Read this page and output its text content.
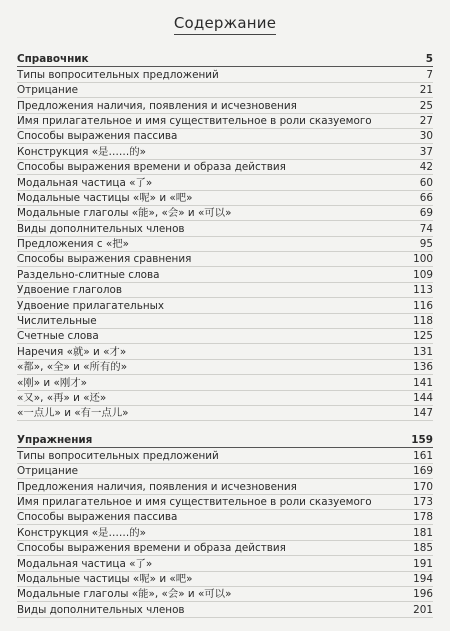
Содержание
Справочник	5
Типы вопросительных предложений	7
Отрицание	21
Предложения наличия, появления и исчезновения	25
Имя прилагательное и имя существительное в роли сказуемого	27
Способы выражения пассива	30
Конструкция «是……的»	37
Способы выражения времени и образа действия	42
Модальная частица «了»	60
Модальные частицы «呢» и «吧»	66
Модальные глаголы «能», «会» и «可以»	69
Виды дополнительных членов	74
Предложения с «把»	95
Способы выражения сравнения	100
Раздельно-слитные слова	109
Удвоение глаголов	113
Удвоение прилагательных	116
Числительные	118
Счетные слова	125
Наречия «就» и «才»	131
«都», «全» и «所有的»	136
«刚» и «刚才»	141
«又», «再» и «还»	144
«一点儿» и «有一点儿»	147
Упражнения	159
Типы вопросительных предложений	161
Отрицание	169
Предложения наличия, появления и исчезновения	170
Имя прилагательное и имя существительное в роли сказуемого	173
Способы выражения пассива	178
Конструкция «是……的»	181
Способы выражения времени и образа действия	185
Модальная частица «了»	191
Модальные частицы «呢» и «吧»	194
Модальные глаголы «能», «会» и «可以»	196
Виды дополнительных членов	201
